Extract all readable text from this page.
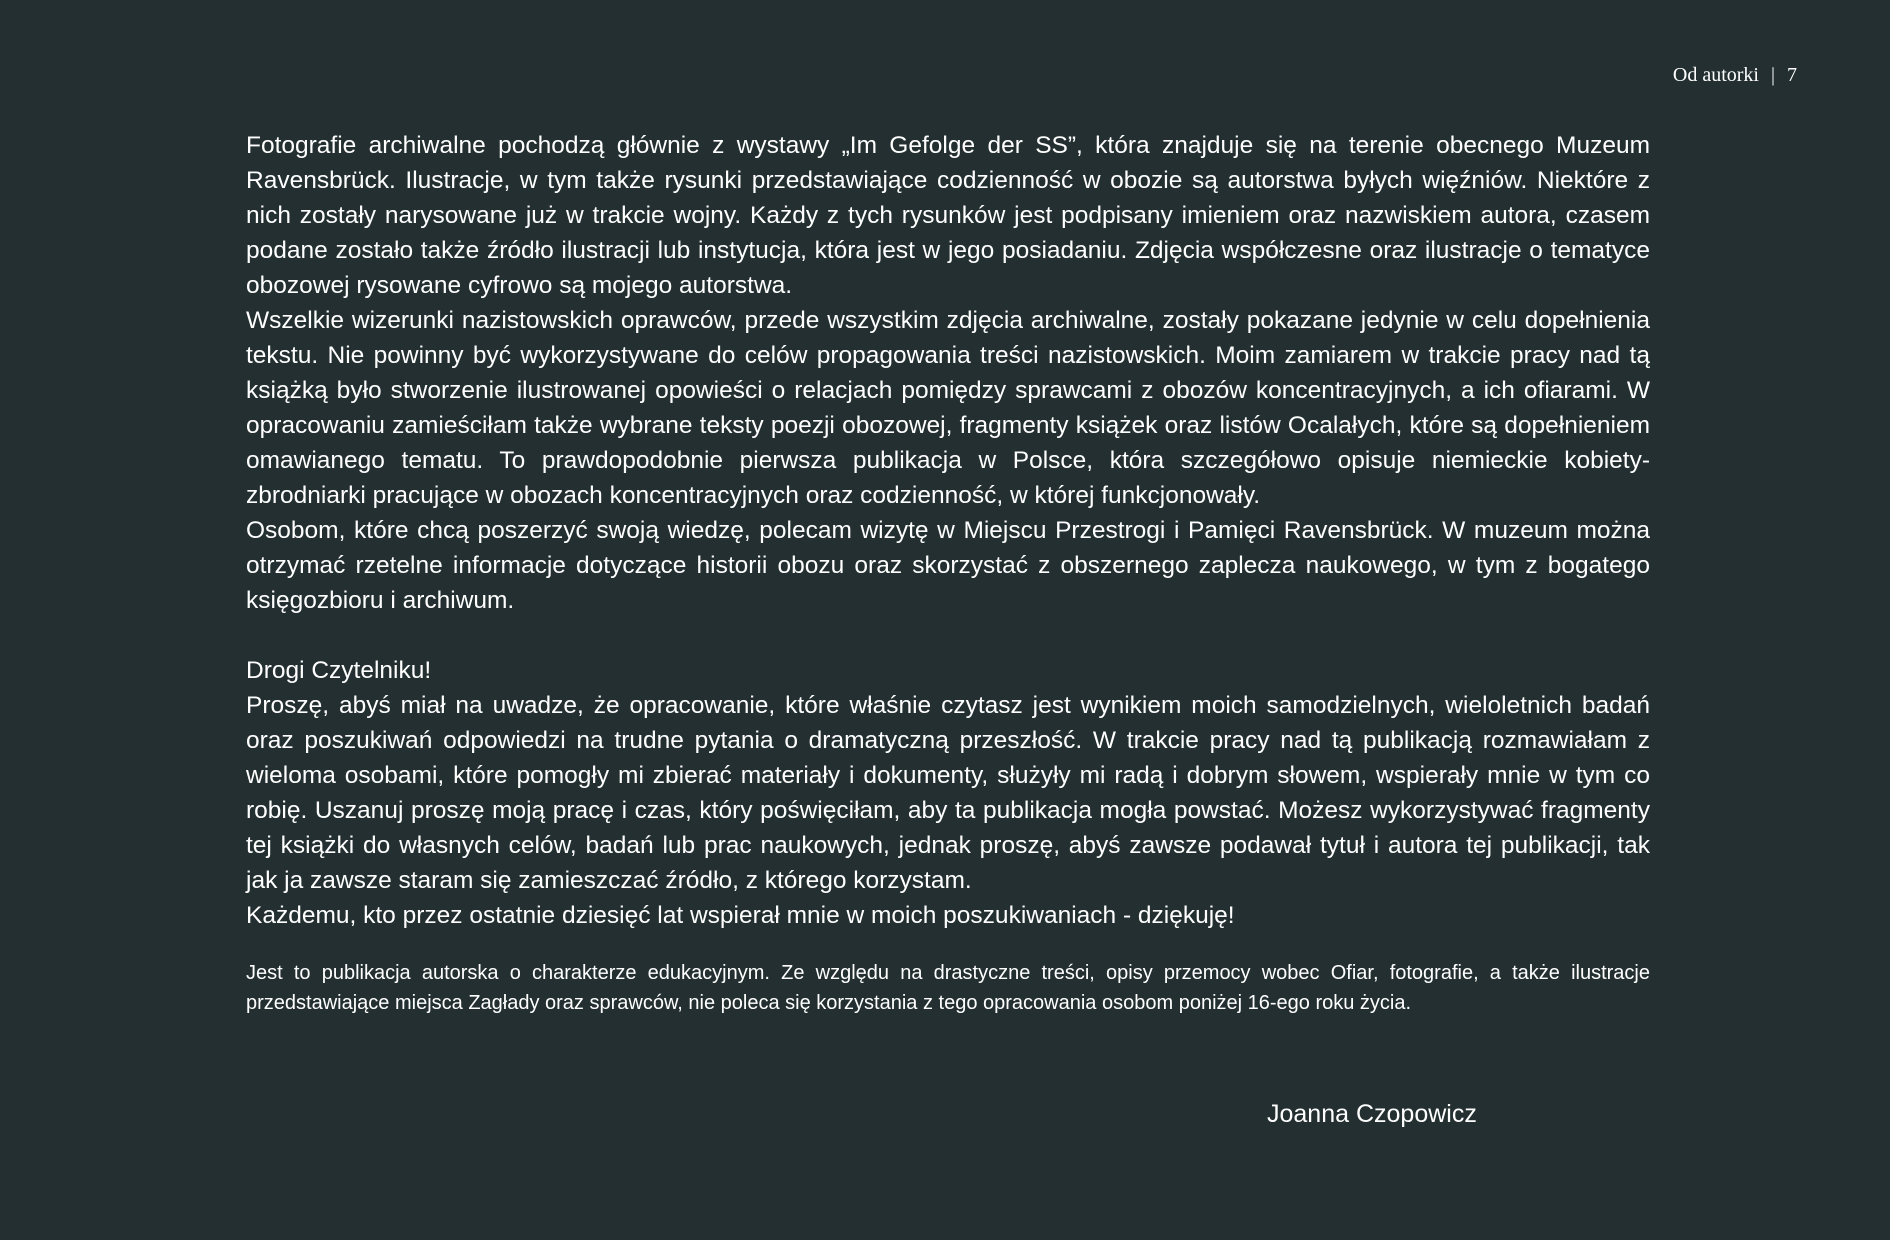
Od autorki | 7

Fotografie archiwalne pochodzą głównie z wystawy „Im Gefolge der SS”, która znajduje się na terenie obecnego Muzeum Ravensbrück. Ilustracje, w tym także rysunki przedstawiające codzienność w obozie są autorstwa byłych więźniów. Niektóre z nich zostały narysowane już w trakcie wojny. Każdy z tych rysunków jest podpisany imieniem oraz nazwiskiem autora, czasem podane zostało także źródło ilustracji lub instytucja, która jest w jego posiadaniu. Zdjęcia współczesne oraz ilustracje o tematyce obozowej rysowane cyfrowo są mojego autorstwa.

Wszelkie wizerunki nazistowskich oprawców, przede wszystkim zdjęcia archiwalne, zostały pokazane jedynie w celu dopełnienia tekstu. Nie powinny być wykorzystywane do celów propagowania treści nazistowskich. Moim zamiarem w trakcie pracy nad tą książką było stworzenie ilustrowanej opowieści o relacjach pomiędzy sprawcami z obozów koncentracyjnych, a ich ofiarami. W opracowaniu zamieściłam także wybrane teksty poezji obozowej, fragmenty książek oraz listów Ocalałych, które są dopełnieniem omawianego tematu. To prawdopodobnie pierwsza publikacja w Polsce, która szczegółowo opisuje niemieckie kobiety-zbrodniarki pracujące w obozach koncentracyjnych oraz codzienność, w której funkcjonowały.

Osobom, które chcą poszerzyć swoją wiedzę, polecam wizytę w Miejscu Przestrogi i Pamięci Ravensbrück. W muzeum można otrzymać rzetelne informacje dotyczące historii obozu oraz skorzystać z obszernego zaplecza naukowego, w tym z bogatego księgozbioru i archiwum.

Drogi Czytelniku!

Proszę, abyś miał na uwadze, że opracowanie, które właśnie czytasz jest wynikiem moich samodzielnych, wieloletnich badań oraz poszukiwań odpowiedzi na trudne pytania o dramatyczną przeszłość. W trakcie pracy nad tą publikacją rozmawiałam z wieloma osobami, które pomogły mi zbierać materiały i dokumenty, służyły mi radą i dobrym słowem, wspierały mnie w tym co robię. Uszanuj proszę moją pracę i czas, który poświęciłam, aby ta publikacja mogła powstać. Możesz wykorzystywać fragmenty tej książki do własnych celów, badań lub prac naukowych, jednak proszę, abyś zawsze podawał tytuł i autora tej publikacji, tak jak ja zawsze staram się zamieszczać źródło, z którego korzystam.

Każdemu, kto przez ostatnie dziesięć lat wspierał mnie w moich poszukiwaniach - dziękuję!

Jest to publikacja autorska o charakterze edukacyjnym. Ze względu na drastyczne treści, opisy przemocy wobec Ofiar, fotografie, a także ilustracje przedstawiające miejsca Zagłady oraz sprawców, nie poleca się korzystania z tego opracowania osobom poniżej 16-ego roku życia.

Joanna Czopowicz
